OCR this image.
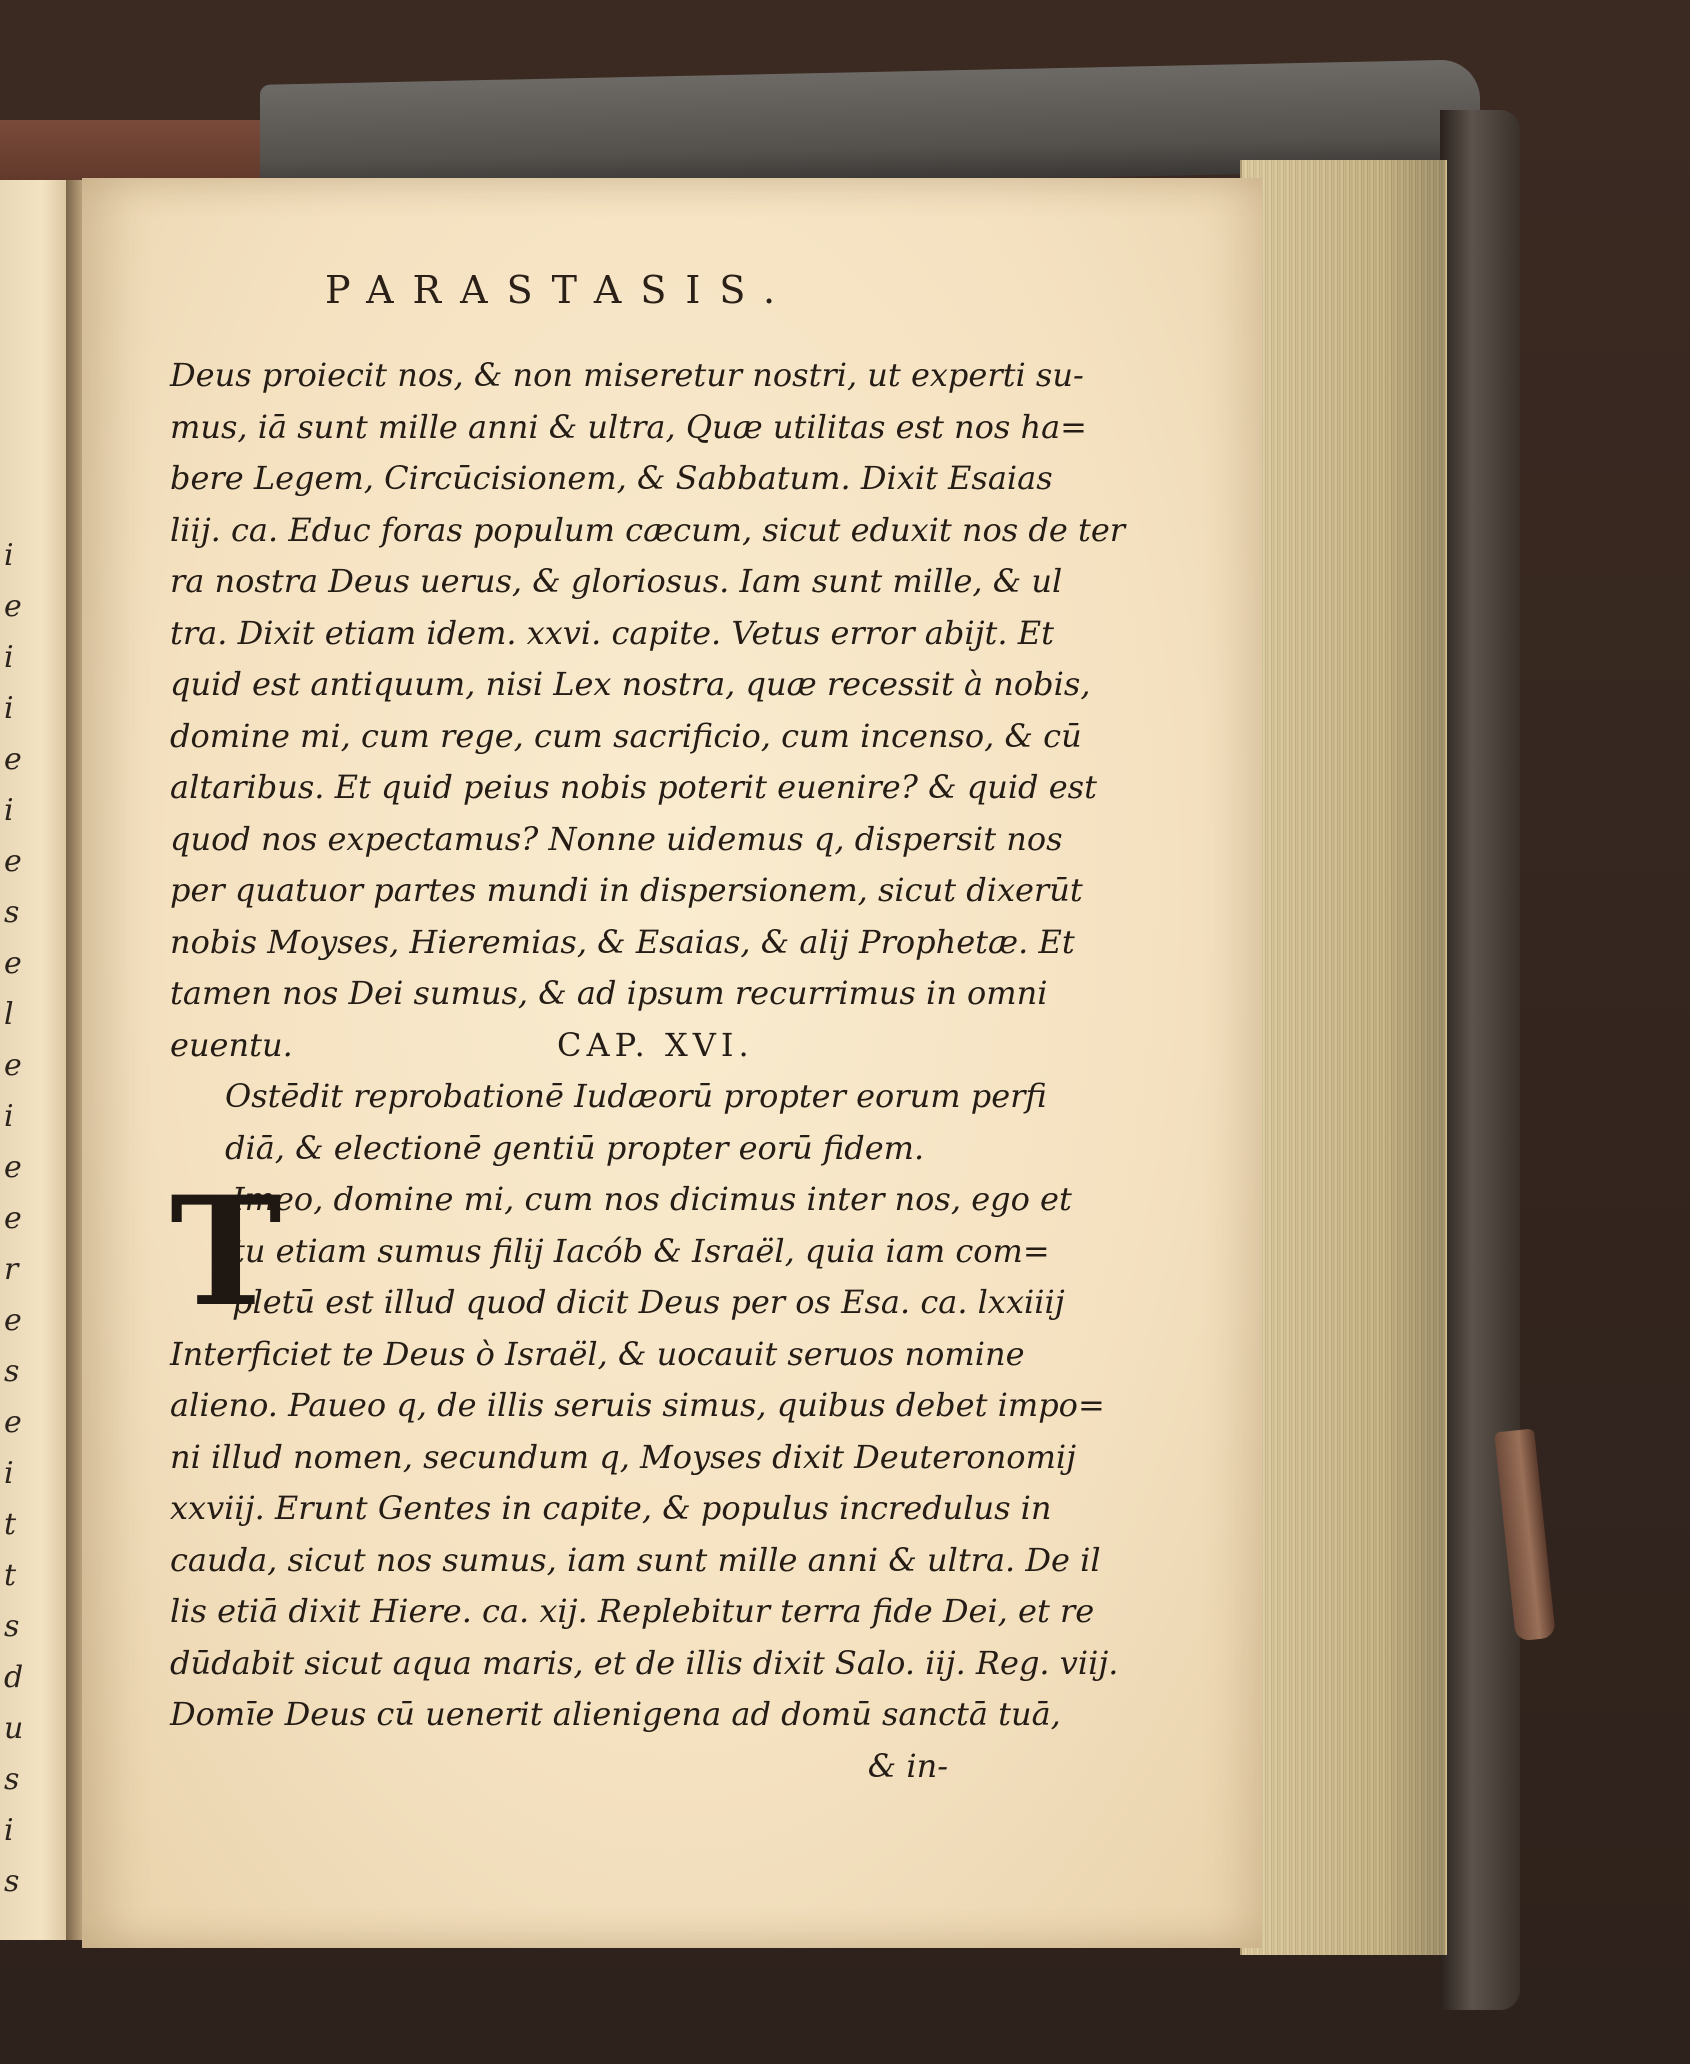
i
e
i
i
e
i
e
s
e
l
e
i
e
e
r
e
s
e
i
t
t
s
d
u
s
i
s
PARASTASIS.
Deus proiecit nos, & non miseretur nostri, ut experti su-
mus, iā sunt mille anni & ultra, Quæ utilitas est nos ha=
bere Legem, Circūcisionem, & Sabbatum. Dixit Esaias
liij. ca. Educ foras populum cæcum, sicut eduxit nos de ter
ra nostra Deus uerus, & gloriosus. Iam sunt mille, & ul
tra. Dixit etiam idem. xxvi. capite. Vetus error abijt. Et
quid est antiquum, nisi Lex nostra, quæ recessit à nobis,
domine mi, cum rege, cum sacrificio, cum incenso, & cū
altaribus. Et quid peius nobis poterit euenire? & quid est
quod nos expectamus? Nonne uidemus q, dispersit nos
per quatuor partes mundi in dispersionem, sicut dixerūt
nobis Moyses, Hieremias, & Esaias, & alij Prophetæ. Et
tamen nos Dei sumus, & ad ipsum recurrimus in omni
euentu.	CAP. XVI.
Ostēdit reprobationē Iudæorū propter eorum perfi
diā, & electionē gentiū propter eorū fidem.
T
Imeo, domine mi, cum nos dicimus inter nos, ego et
tu etiam sumus filij Iacób & Israël, quia iam com=
pletū est illud quod dicit Deus per os Esa. ca. lxxiiij
Interficiet te Deus ò Israël, & uocauit seruos nomine
alieno. Paueo q, de illis seruis simus, quibus debet impo=
ni illud nomen, secundum q, Moyses dixit Deuteronomij
xxviij. Erunt Gentes in capite, & populus incredulus in
cauda, sicut nos sumus, iam sunt mille anni & ultra. De il
lis etiā dixit Hiere. ca. xij. Replebitur terra fide Dei, et re
dūdabit sicut aqua maris, et de illis dixit Salo. iij. Reg. viij.
Domīe Deus cū uenerit alienigena ad domū sanctā tuā,
& in-
